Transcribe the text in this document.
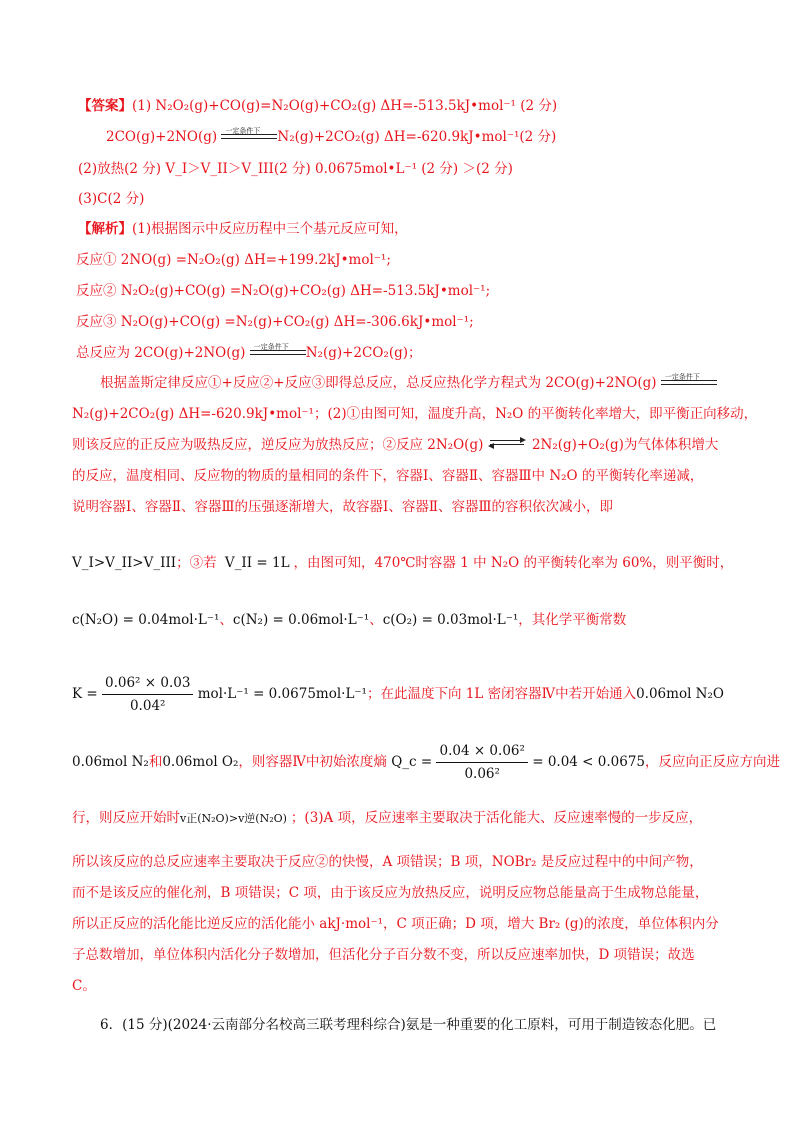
【答案】(1) N₂O₂(g)+CO(g)=N₂O(g)+CO₂(g) ΔH=-513.5kJ•mol⁻¹ (2 分)
2CO(g)+2NO(g) 一定条件下 N₂(g)+2CO₂(g) ΔH=-620.9kJ•mol⁻¹(2 分)
(2)放热(2 分) V_I＞V_II＞V_III(2 分) 0.0675mol•L⁻¹ (2 分) ＞(2 分)
(3)C(2 分)
【解析】(1)根据图示中反应历程中三个基元反应可知，
反应① 2NO(g) =N₂O₂(g) ΔH=+199.2kJ•mol⁻¹;
反应② N₂O₂(g)+CO(g) =N₂O(g)+CO₂(g) ΔH=-513.5kJ•mol⁻¹;
反应③ N₂O(g)+CO(g) =N₂(g)+CO₂(g) ΔH=-306.6kJ•mol⁻¹;
总反应为 2CO(g)+2NO(g) 一定条件下 N₂(g)+2CO₂(g)；
根据盖斯定律反应①+反应②+反应③即得总反应，总反应热化学方程式为 2CO(g)+2NO(g) 一定条件下
N₂(g)+2CO₂(g) ΔH=-620.9kJ•mol⁻¹；(2)①由图可知，温度升高，N₂O 的平衡转化率增大，即平衡正向移动，
则该反应的正反应为吸热反应，逆反应为放热反应；②反应 2N₂O(g)	2N₂(g)+O₂(g)为气体体积增大
的反应，温度相同、反应物的物质的量相同的条件下，容器Ⅰ、容器Ⅱ、容器Ⅲ中 N₂O 的平衡转化率递减，
说明容器Ⅰ、容器Ⅱ、容器Ⅲ的压强逐渐增大，故容器Ⅰ、容器Ⅱ、容器Ⅲ的容积依次减小，即
V_I>V_II>V_III；③若 V_II = 1L ，由图可知，470℃时容器 1 中 N₂O 的平衡转化率为 60%，则平衡时，
c(N₂O) = 0.04mol·L⁻¹、c(N₂) = 0.06mol·L⁻¹、c(O₂) = 0.03mol·L⁻¹，其化学平衡常数
$K = \frac{\text{0.06² × 0.03}}{\text{0.04²}} mol\cdot L^{-1} = 0.0675mol\cdot L^{-1}$；在此温度下向 1L 密闭容器Ⅳ中若开始通入0.06mol N₂O
0.06mol N₂和0.06mol O₂，则容器Ⅳ中初始浓度熵 Q_c = $\frac{\text{0.04 × 0.06²}}{\text{0.06²}} = 0.04 < 0.0675$，反应向正反应方向进
行，则反应开始时v正(N₂O)>v逆(N₂O) ；(3)A 项，反应速率主要取决于活化能大、反应速率慢的一步反应，
所以该反应的总反应速率主要取决于反应②的快慢，A 项错误；B 项，NOBr₂ 是反应过程中的中间产物，
而不是该反应的催化剂，B 项错误；C 项，由于该反应为放热反应，说明反应物总能量高于生成物总能量，
所以正反应的活化能比逆反应的活化能小 akJ·mol⁻¹，C 项正确；D 项，增大 Br₂ (g)的浓度，单位体积内分
子总数增加，单位体积内活化分子数增加，但活化分子百分数不变，所以反应速率加快，D 项错误；故选
C。
6．(15 分)(2024·云南部分名校高三联考理科综合)氨是一种重要的化工原料，可用于制造铵态化肥。已
